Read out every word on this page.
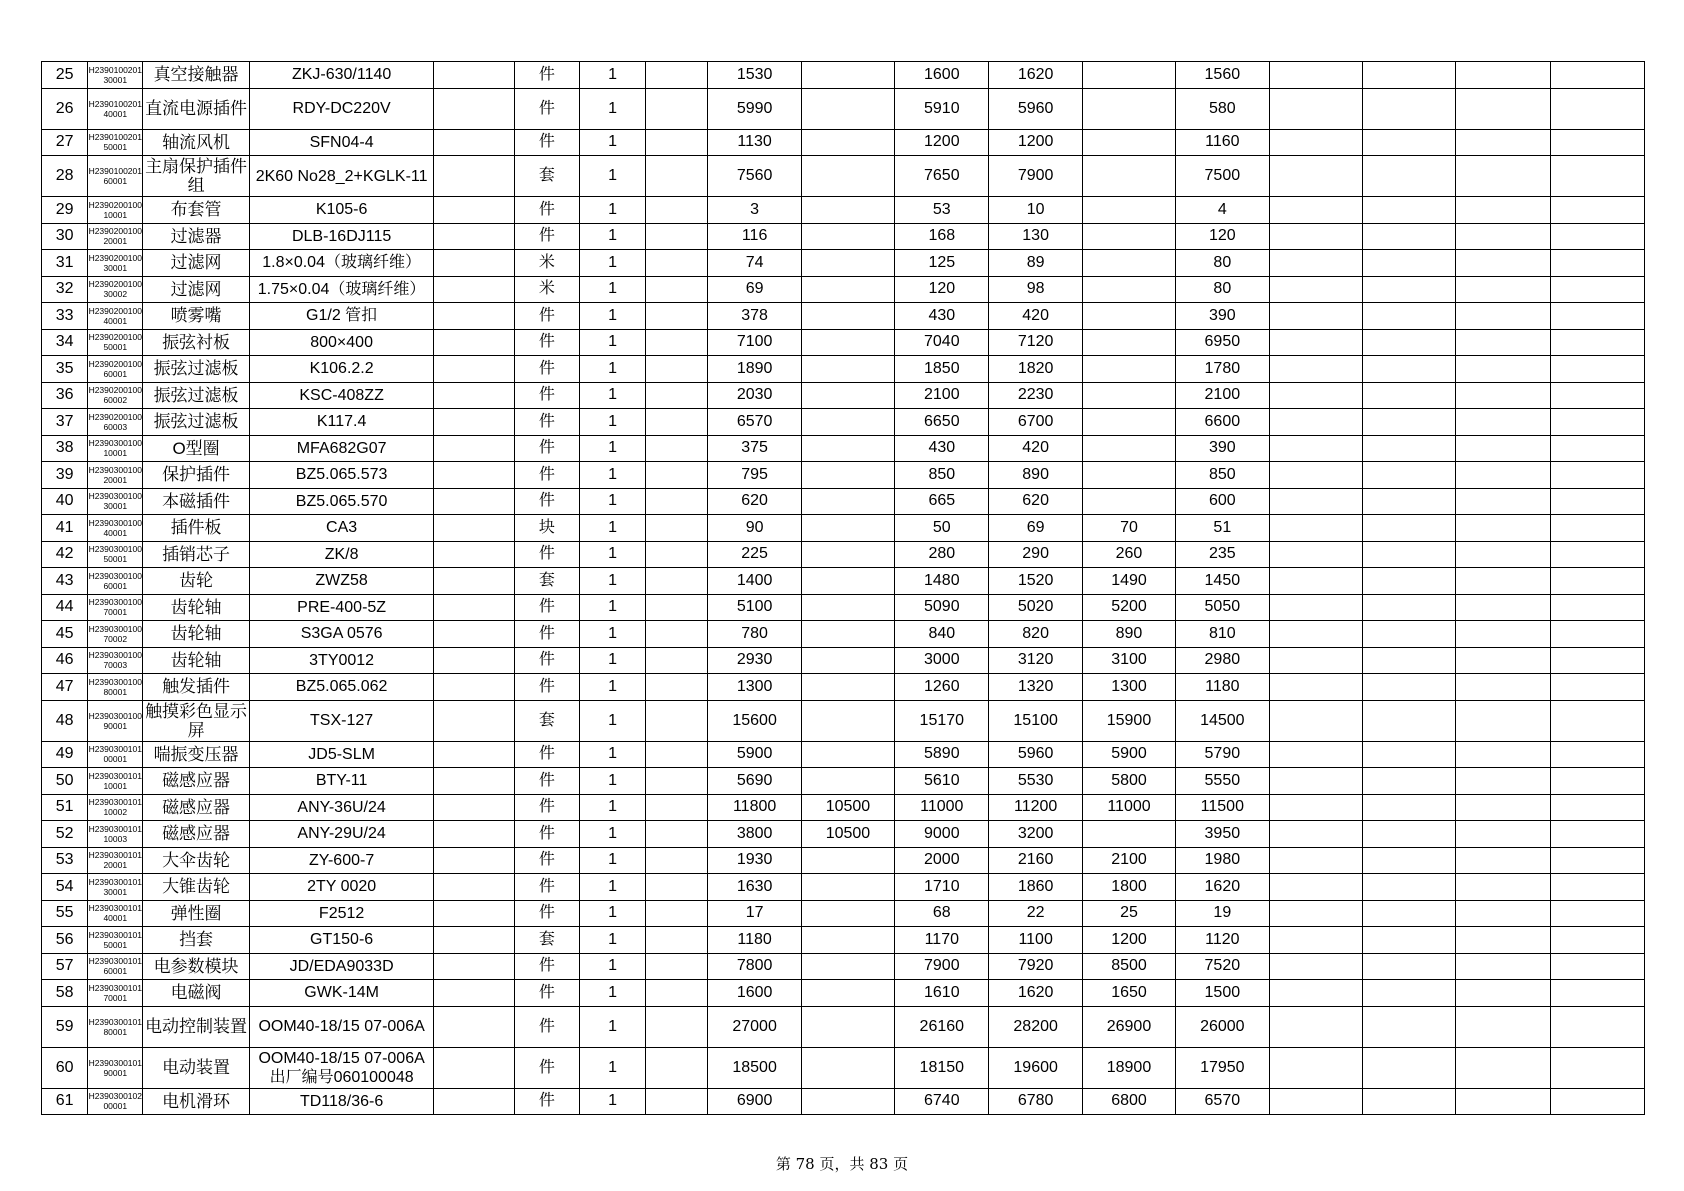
25	H239010020130001	真空接触器	ZKJ-630/1140		件	1		1530		1600	1620		1560				
26	H239010020140001	直流电源插件	RDY-DC220V		件	1		5990		5910	5960		580				
27	H239010020150001	轴流风机	SFN04-4		件	1		1130		1200	1200		1160				
28	H239010020160001	主扇保护插件组	2K60 No28_2+KGLK-11		套	1		7560		7650	7900		7500				
29	H239020010010001	布套管	K105-6		件	1		3		53	10		4				
30	H239020010020001	过滤器	DLB-16DJ115		件	1		116		168	130		120				
31	H239020010030001	过滤网	1.8×0.04（玻璃纤维）		米	1		74		125	89		80				
32	H239020010030002	过滤网	1.75×0.04（玻璃纤维）		米	1		69		120	98		80				
33	H239020010040001	喷雾嘴	G1/2 管扣		件	1		378		430	420		390				
34	H239020010050001	振弦衬板	800×400		件	1		7100		7040	7120		6950				
35	H239020010060001	振弦过滤板	K106.2.2		件	1		1890		1850	1820		1780				
36	H239020010060002	振弦过滤板	KSC-408ZZ		件	1		2030		2100	2230		2100				
37	H239020010060003	振弦过滤板	K117.4		件	1		6570		6650	6700		6600				
38	H239030010010001	O型圈	MFA682G07		件	1		375		430	420		390				
39	H239030010020001	保护插件	BZ5.065.573		件	1		795		850	890		850				
40	H239030010030001	本磁插件	BZ5.065.570		件	1		620		665	620		600				
41	H239030010040001	插件板	CA3		块	1		90		50	69	70	51				
42	H239030010050001	插销芯子	ZK/8		件	1		225		280	290	260	235				
43	H239030010060001	齿轮	ZWZ58		套	1		1400		1480	1520	1490	1450				
44	H239030010070001	齿轮轴	PRE-400-5Z		件	1		5100		5090	5020	5200	5050				
45	H239030010070002	齿轮轴	S3GA 0576		件	1		780		840	820	890	810				
46	H239030010070003	齿轮轴	3TY0012		件	1		2930		3000	3120	3100	2980				
47	H239030010080001	触发插件	BZ5.065.062		件	1		1300		1260	1320	1300	1180				
48	H239030010090001	触摸彩色显示屏	TSX-127		套	1		15600		15170	15100	15900	14500				
49	H239030010100001	喘振变压器	JD5-SLM		件	1		5900		5890	5960	5900	5790				
50	H239030010110001	磁感应器	BTY-11		件	1		5690		5610	5530	5800	5550				
51	H239030010110002	磁感应器	ANY-36U/24		件	1		11800	10500	11000	11200	11000	11500				
52	H239030010110003	磁感应器	ANY-29U/24		件	1		3800	10500	9000	3200		3950				
53	H239030010120001	大伞齿轮	ZY-600-7		件	1		1930		2000	2160	2100	1980				
54	H239030010130001	大锥齿轮	2TY 0020		件	1		1630		1710	1860	1800	1620				
55	H239030010140001	弹性圈	F2512		件	1		17		68	22	25	19				
56	H239030010150001	挡套	GT150-6		套	1		1180		1170	1100	1200	1120				
57	H239030010160001	电参数模块	JD/EDA9033D		件	1		7800		7900	7920	8500	7520				
58	H239030010170001	电磁阀	GWK-14M		件	1		1600		1610	1620	1650	1500				
59	H239030010180001	电动控制装置	OOM40-18/15 07-006A		件	1		27000		26160	28200	26900	26000				
60	H239030010190001	电动装置	OOM40-18/15 07-006A 出厂编号060100048		件	1		18500		18150	19600	18900	17950				
61	H239030010200001	电机滑环	TD118/36-6		件	1		6900		6740	6780	6800	6570				
第 78 页，共 83 页
